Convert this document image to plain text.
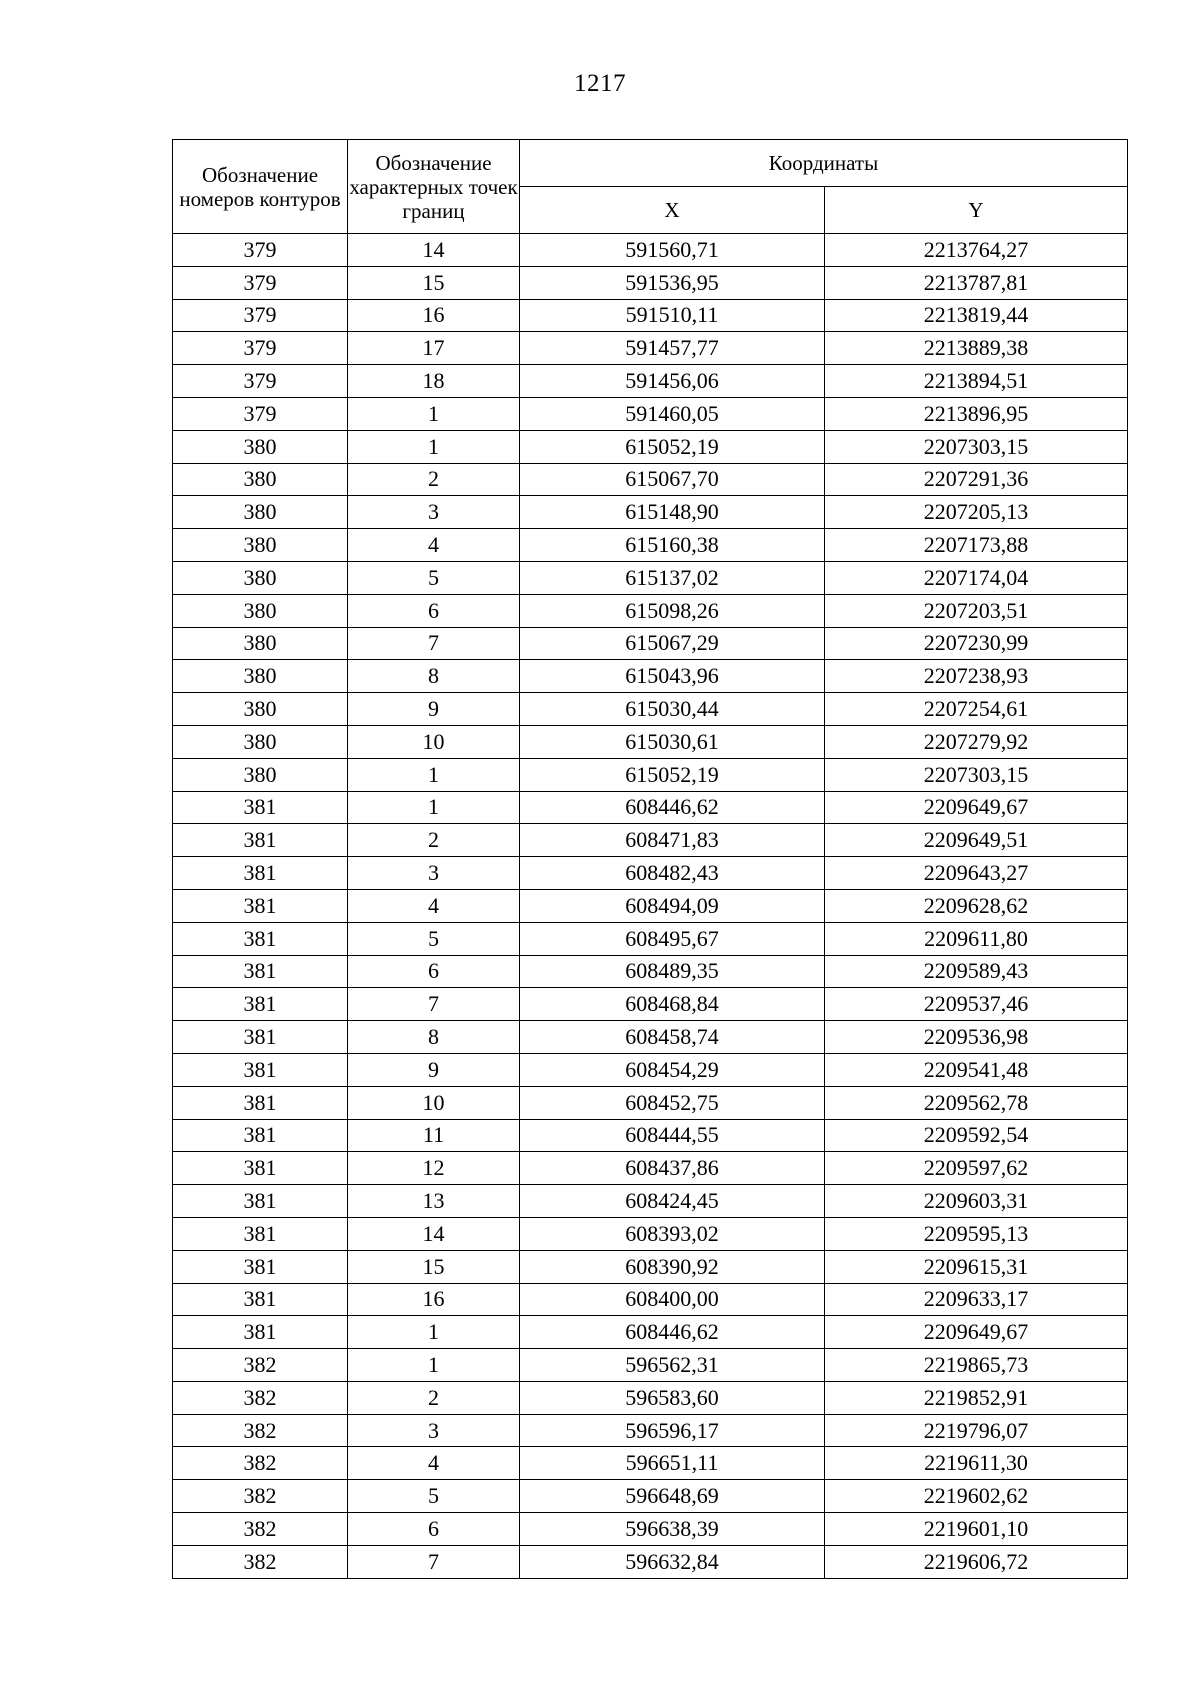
1217
Обозначение номеров контуров	Обозначение характерных точек границ	Координаты	
		X	Y
379	14	591560,71	2213764,27
379	15	591536,95	2213787,81
379	16	591510,11	2213819,44
379	17	591457,77	2213889,38
379	18	591456,06	2213894,51
379	1	591460,05	2213896,95
380	1	615052,19	2207303,15
380	2	615067,70	2207291,36
380	3	615148,90	2207205,13
380	4	615160,38	2207173,88
380	5	615137,02	2207174,04
380	6	615098,26	2207203,51
380	7	615067,29	2207230,99
380	8	615043,96	2207238,93
380	9	615030,44	2207254,61
380	10	615030,61	2207279,92
380	1	615052,19	2207303,15
381	1	608446,62	2209649,67
381	2	608471,83	2209649,51
381	3	608482,43	2209643,27
381	4	608494,09	2209628,62
381	5	608495,67	2209611,80
381	6	608489,35	2209589,43
381	7	608468,84	2209537,46
381	8	608458,74	2209536,98
381	9	608454,29	2209541,48
381	10	608452,75	2209562,78
381	11	608444,55	2209592,54
381	12	608437,86	2209597,62
381	13	608424,45	2209603,31
381	14	608393,02	2209595,13
381	15	608390,92	2209615,31
381	16	608400,00	2209633,17
381	1	608446,62	2209649,67
382	1	596562,31	2219865,73
382	2	596583,60	2219852,91
382	3	596596,17	2219796,07
382	4	596651,11	2219611,30
382	5	596648,69	2219602,62
382	6	596638,39	2219601,10
382	7	596632,84	2219606,72
